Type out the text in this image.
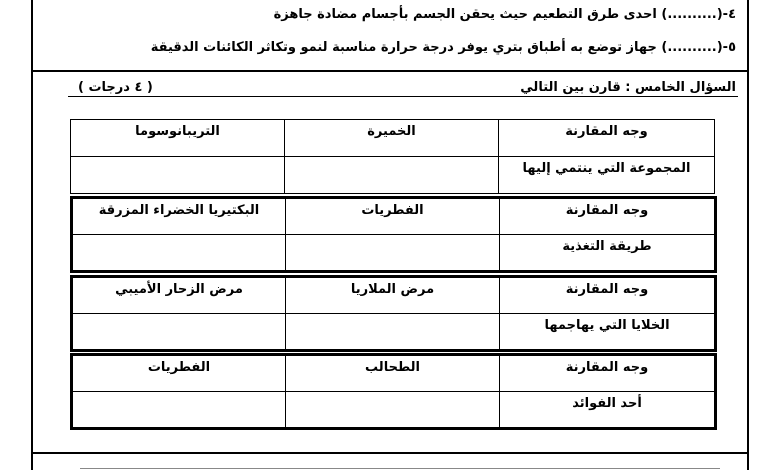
٤-(..........) احدى طرق التطعيم حيث يحقن الجسم بأجسام مضادة جاهزة
٥-(..........) جهاز توضع به أطباق بتري يوفر درجة حرارة مناسبة لنمو وتكاثر الكائنات الدقيقة
السؤال الخامس : قارن بين التالي
( ٤ درجات )
وجه المقارنة	الخميرة	التريبانوسوما
المجموعة التي ينتمي إليها		
وجه المقارنة	الفطريات	البكتيريا الخضراء المزرقة
طريقة التغذية		
وجه المقارنة	مرض الملاريا	مرض الزحار الأميبي
الخلايا التي يهاجمها		
وجه المقارنة	الطحالب	الفطريات
أحد الفوائد		
